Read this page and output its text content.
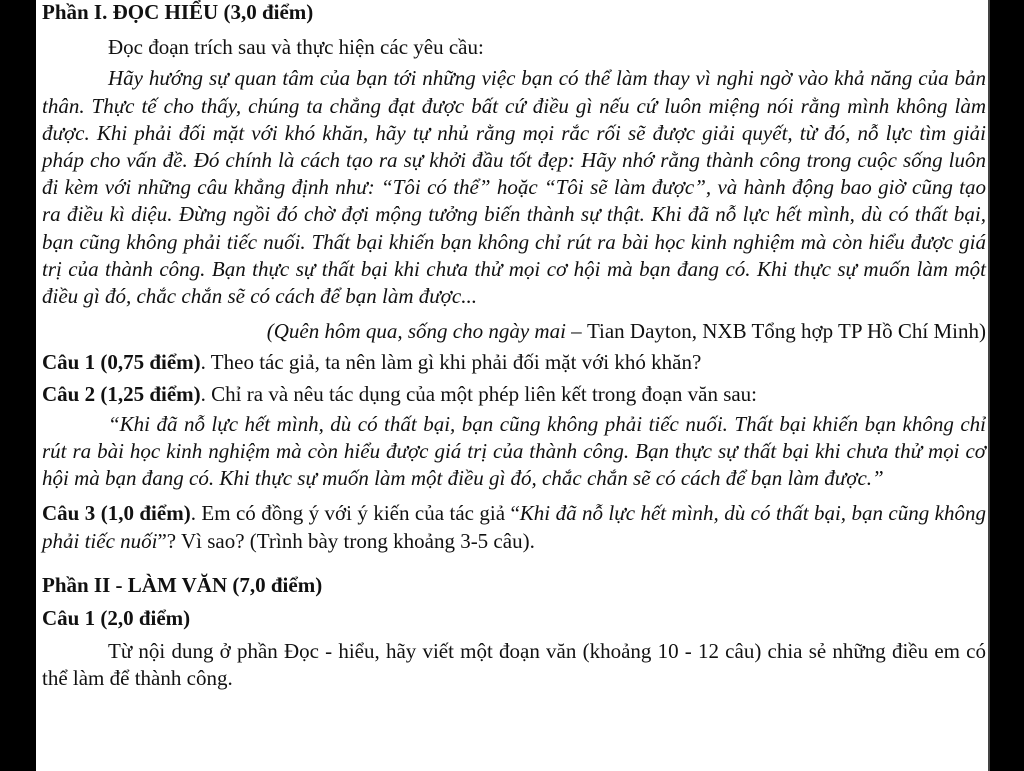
Phần I. ĐỌC HIỂU (3,0 điểm)

Đọc đoạn trích sau và thực hiện các yêu cầu:

Hãy hướng sự quan tâm của bạn tới những việc bạn có thể làm thay vì nghi ngờ vào khả năng của bản thân. Thực tế cho thấy, chúng ta chẳng đạt được bất cứ điều gì nếu cứ luôn miệng nói rằng mình không làm được. Khi phải đối mặt với khó khăn, hãy tự nhủ rằng mọi rắc rối sẽ được giải quyết, từ đó, nỗ lực tìm giải pháp cho vấn đề. Đó chính là cách tạo ra sự khởi đầu tốt đẹp: Hãy nhớ rằng thành công trong cuộc sống luôn đi kèm với những câu khẳng định như: “Tôi có thể” hoặc “Tôi sẽ làm được”, và hành động bao giờ cũng tạo ra điều kì diệu. Đừng ngồi đó chờ đợi mộng tưởng biến thành sự thật. Khi đã nỗ lực hết mình, dù có thất bại, bạn cũng không phải tiếc nuối. Thất bại khiến bạn không chỉ rút ra bài học kinh nghiệm mà còn hiểu được giá trị của thành công. Bạn thực sự thất bại khi chưa thử mọi cơ hội mà bạn đang có. Khi thực sự muốn làm một điều gì đó, chắc chắn sẽ có cách để bạn làm được...

(Quên hôm qua, sống cho ngày mai – Tian Dayton, NXB Tổng hợp TP Hồ Chí Minh)

Câu 1 (0,75 điểm). Theo tác giả, ta nên làm gì khi phải đối mặt với khó khăn?

Câu 2 (1,25 điểm). Chỉ ra và nêu tác dụng của một phép liên kết trong đoạn văn sau:

“Khi đã nỗ lực hết mình, dù có thất bại, bạn cũng không phải tiếc nuối. Thất bại khiến bạn không chỉ rút ra bài học kinh nghiệm mà còn hiểu được giá trị của thành công. Bạn thực sự thất bại khi chưa thử mọi cơ hội mà bạn đang có. Khi thực sự muốn làm một điều gì đó, chắc chắn sẽ có cách để bạn làm được.”

Câu 3 (1,0 điểm). Em có đồng ý với ý kiến của tác giả “Khi đã nỗ lực hết mình, dù có thất bại, bạn cũng không phải tiếc nuối”? Vì sao? (Trình bày trong khoảng 3-5 câu).

Phần II - LÀM VĂN (7,0 điểm)

Câu 1 (2,0 điểm)

Từ nội dung ở phần Đọc - hiểu, hãy viết một đoạn văn (khoảng 10 - 12 câu) chia sẻ những điều em có thể làm để thành công.
